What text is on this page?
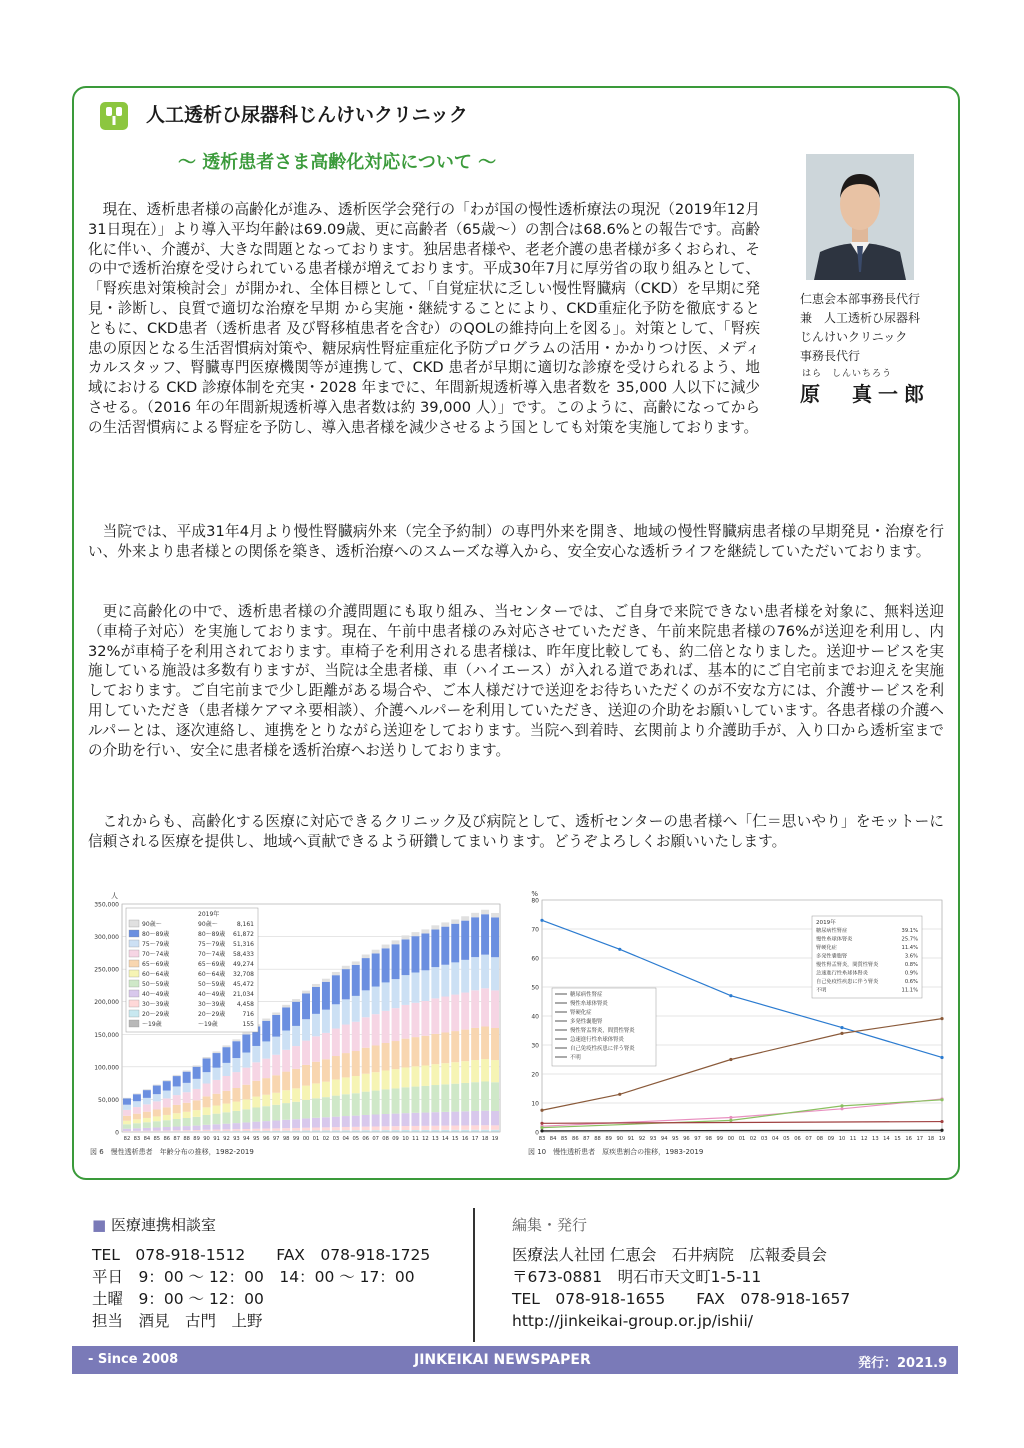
人工透析ひ尿器科じんけいクリニック
～ 透析患者さま高齢化対応について ～
仁恵会本部事務長代行
兼　人工透析ひ尿器科
じんけいクリニック
事務長代行
はら　しんいちろう
原　真一郎

現在、透析患者様の高齢化が進み、透析医学会発行の「わが国の慢性透析療法の現況（2019年12月31日現在）」より導入平均年齢は69.09歳、更に高齢者（65歳～）の割合は68.6%との報告です。高齢化に伴い、介護が、大きな問題となっております。独居患者様や、老老介護の患者様が多くおられ、その中で透析治療を受けられている患者様が増えております。平成30年7月に厚労省の取り組みとして、「腎疾患対策検討会」が開かれ、全体目標として、「自覚症状に乏しい慢性腎臓病（CKD）を早期に発見・診断し、良質で適切な治療を早期 から実施・継続することにより、CKD重症化予防を徹底するとともに、CKD患者（透析患者 及び腎移植患者を含む）のQOLの維持向上を図る」。対策として、「腎疾患の原因となる生活習慣病対策や、糖尿病性腎症重症化予防プログラムの活用・かかりつけ医、メディカルスタッフ、腎臓専門医療機関等が連携して、CKD 患者が早期に適切な診療を受けられるよう、地域における CKD 診療体制を充実・2028 年までに、年間新規透析導入患者数を 35,000 人以下に減少させる。（2016 年の年間新規透析導入患者数は約 39,000 人）」です。このように、高齢になってからの生活習慣病による腎症を予防し、導入患者様を減少させるよう国としても対策を実施しております。

当院では、平成31年4月より慢性腎臓病外来（完全予約制）の専門外来を開き、地域の慢性腎臓病患者様の早期発見・治療を行い、外来より患者様との関係を築き、透析治療へのスムーズな導入から、安全安心な透析ライフを継続していただいております。

更に高齢化の中で、透析患者様の介護問題にも取り組み、当センターでは、ご自身で来院できない患者様を対象に、無料送迎（車椅子対応）を実施しております。現在、午前中患者様のみ対応させていただき、午前来院患者様の76%が送迎を利用し、内32%が車椅子を利用されております。車椅子を利用される患者様は、昨年度比較しても、約二倍となりました。送迎サービスを実施している施設は多数有りますが、当院は全患者様、車（ハイエース）が入れる道であれば、基本的にご自宅前までお迎えを実施しております。ご自宅前まで少し距離がある場合や、ご本人様だけで送迎をお待ちいただくのが不安な方には、介護サービスを利用していただき（患者様ケアマネ要相談）、介護ヘルパーを利用していただき、送迎の介助をお願いしています。各患者様の介護ヘルパーとは、逐次連絡し、連携をとりながら送迎をしております。当院へ到着時、玄関前より介護助手が、入り口から透析室までの介助を行い、安全に患者様を透析治療へお送りしております。

これからも、高齢化する医療に対応できるクリニック及び病院として、透析センターの患者様へ「仁＝思いやり」をモットーに信頼される医療を提供し、地域へ貢献できるよう研鑽してまいります。どうぞよろしくお願いいたします。

人
0
50,000
100,000
150,000
200,000
250,000
300,000
350,000
82 83 84 85 86 87 88 89 90 91 92 93 94 95 96 97 98 99 00 01 02 03 04 05 06 07 08 09 10 11 12 13 14 15 16 17 18 19
2019年
90歳～	90歳～	8,161
80～89歳	80～89歳 61,872
75～79歳	75～79歳 51,316
70～74歳	70～74歳 58,433
65～69歳	65～69歳 49,274
60～64歳	60～64歳 32,708
50～59歳	50～59歳 45,472
40～49歳	40～49歳 21,034
30～39歳	30～39歳 4,458
20～29歳	20～29歳	716
～19歳	～19歳	155
図 6　慢性透析患者　年齢分布の推移，1982-2019
%
0
10
20
30
40
50
60
70
80
83 84 85 86 87 88 89 90 91 92 93 94 95 96 97 98 99 00 01 02 03 04 05 06 07 08 09 10 11 12 13 14 15 16 17 18 19
糖尿病性腎症
慢性糸球体腎炎
腎硬化症
多発性嚢胞腎
慢性腎盂腎炎，間質性腎炎
急速進行性糸球体腎炎
自己免疫性疾患に伴う腎炎
不明
2019年
糖尿病性腎症	39.1%
慢性糸球体腎炎	25.7%
腎硬化症	11.4%
多発性嚢胞腎	3.6%
慢性腎盂腎炎，間質性腎炎	0.8%
急速進行性糸球体腎炎	0.9%
自己免疫性疾患に伴う腎炎	0.6%
不明	11.1%
図 10　慢性透析患者　原疾患割合の推移，1983-2019
■ 医療連携相談室
TEL　078-918-1512　　FAX　078-918-1725
平日　9：00 ～ 12：00　14：00 ～ 17：00
土曜　9：00 ～ 12：00
担当　酒見　古門　上野
編集・発行
医療法人社団 仁恵会　石井病院　広報委員会
〒673-0881　明石市天文町1-5-11
TEL　078-918-1655　　FAX　078-918-1657
http://jinkeikai-group.or.jp/ishii/
- Since 2008	JINKEIKAI NEWSPAPER	発行：2021.9
